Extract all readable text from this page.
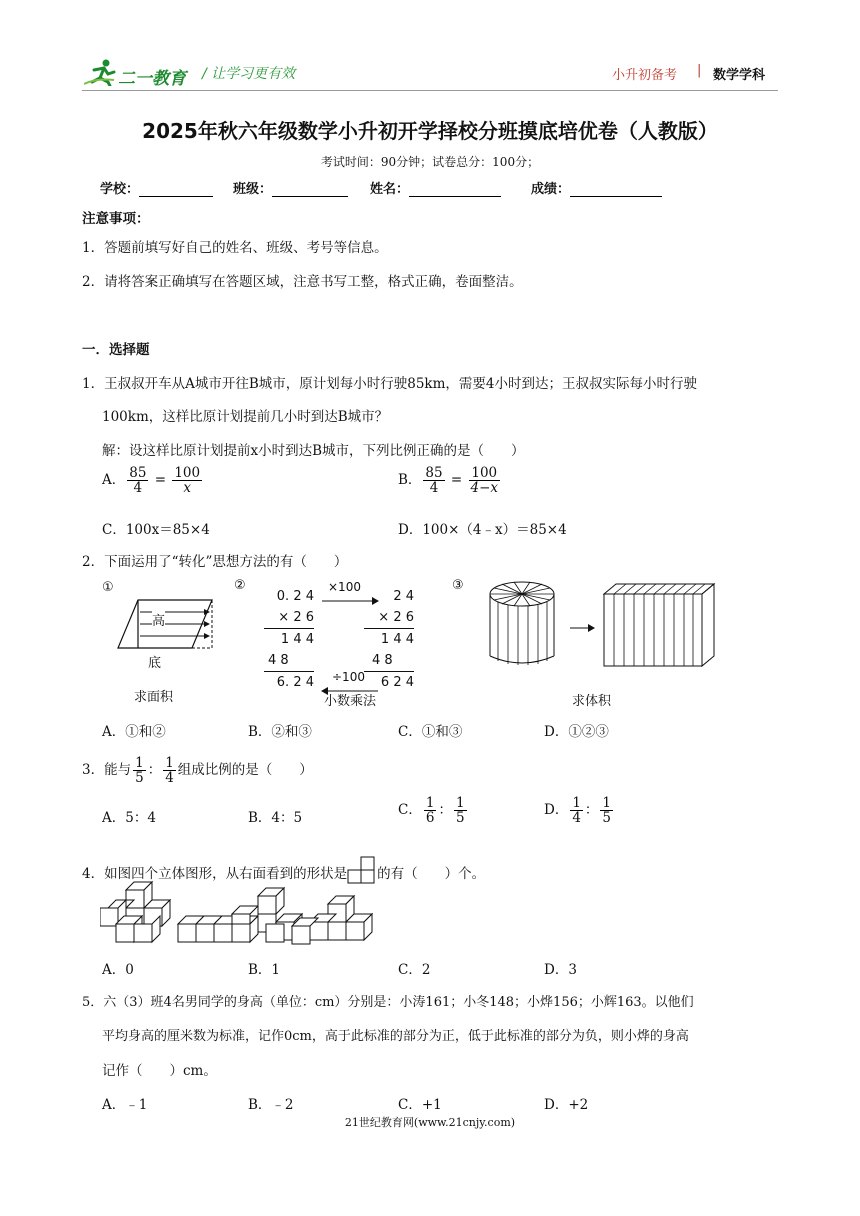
二一教育 / 让学习更有效	小升初备考 | 数学学科
2025年秋六年级数学小升初开学择校分班摸底培优卷（人教版）
考试时间：90分钟；试卷总分：100分；
学校：	班级：	姓名：	成绩：
注意事项：
1．答题前填写好自己的姓名、班级、考号等信息。
2．请将答案正确填写在答题区域，注意书写工整，格式正确，卷面整洁。
一．选择题
1．王叔叔开车从A城市开往B城市，原计划每小时行驶85km，需要4小时到达；王叔叔实际每小时行驶
100km，这样比原计划提前几小时到达B城市？
解：设这样比原计划提前x小时到达B城市，下列比例正确的是（　　）
A． $\frac{85}{4} = \frac{100}{x}$	B． $\frac{85}{4} = \frac{100}{4-x}$
C．100x＝85×4	D．100×（4﹣x）＝85×4
2．下面运用了“转化”思想方法的有（　　）
①
高
底
求面积
②
0. 2 4
× 2 6
1 4 4
4 8
6. 2 4
2 4
× 2 6
1 4 4
4 8
6 2 4
×100
÷100
小数乘法
③
求体积
A．①和②	B．②和③	C．①和③	D．①②③
3．能与 $\frac{1}{5}$ ： $\frac{1}{4}$ 组成比例的是（　　）
A．5：4	B．4：5	C． $\frac{1}{6}$ ： $\frac{1}{5}$	D． $\frac{1}{4}$ ： $\frac{1}{5}$
4．如图四个立体图形，从右面看到的形状是 的有（　　）个。
A．0	B．1	C．2	D．3
5．六（3）班4名男同学的身高（单位：cm）分别是：小涛161；小冬148；小烨156；小辉163。以他们
平均身高的厘米数为标准，记作0cm，高于此标准的部分为正，低于此标准的部分为负，则小烨的身高
记作（　　）cm。
A．﹣1	B．﹣2	C．+1	D．+2
21世纪教育网(www.21cnjy.com)
